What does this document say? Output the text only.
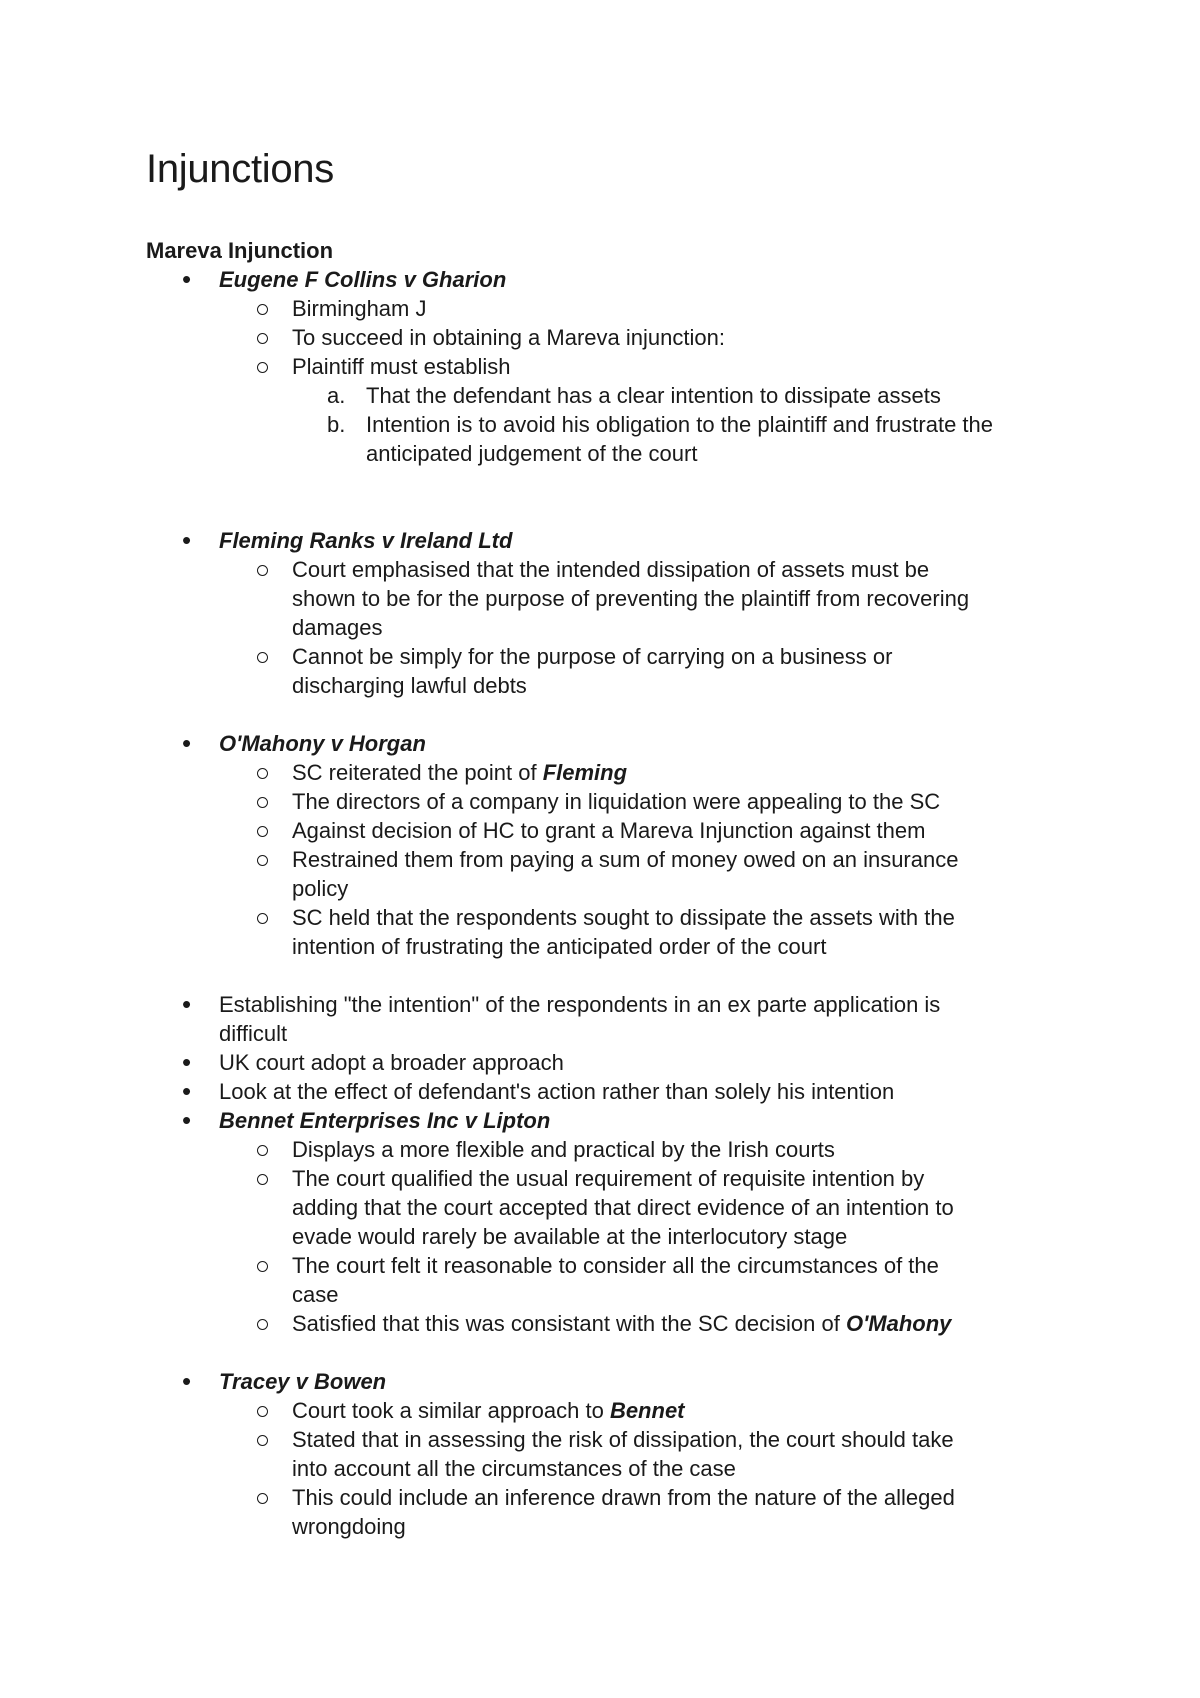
Injunctions
Mareva Injunction
•
Eugene F Collins v Gharion
Birmingham J
To succeed in obtaining a Mareva injunction:
Plaintiff must establish
a. That the defendant has a clear intention to dissipate assets
b. Intention is to avoid his obligation to the plaintiff and frustrate the
anticipated judgement of the court
•
Fleming Ranks v Ireland Ltd
Court emphasised that the intended dissipation of assets must be
shown to be for the purpose of preventing the plaintiff from recovering
damages
Cannot be simply for the purpose of carrying on a business or
discharging lawful debts
•
O'Mahony v Horgan
SC reiterated the point of Fleming
The directors of a company in liquidation were appealing to the SC
Against decision of HC to grant a Mareva Injunction against them
Restrained them from paying a sum of money owed on an insurance
policy
SC held that the respondents sought to dissipate the assets with the
intention of frustrating the anticipated order of the court
•
Establishing "the intention" of the respondents in an ex parte application is
difficult
•
UK court adopt a broader approach
•
Look at the effect of defendant's action rather than solely his intention
•
Bennet Enterprises Inc v Lipton
Displays a more flexible and practical by the Irish courts
The court qualified the usual requirement of requisite intention by
adding that the court accepted that direct evidence of an intention to
evade would rarely be available at the interlocutory stage
The court felt it reasonable to consider all the circumstances of the
case
Satisfied that this was consistant with the SC decision of O'Mahony
•
Tracey v Bowen
Court took a similar approach to Bennet
Stated that in assessing the risk of dissipation, the court should take
into account all the circumstances of the case
This could include an inference drawn from the nature of the alleged
wrongdoing
